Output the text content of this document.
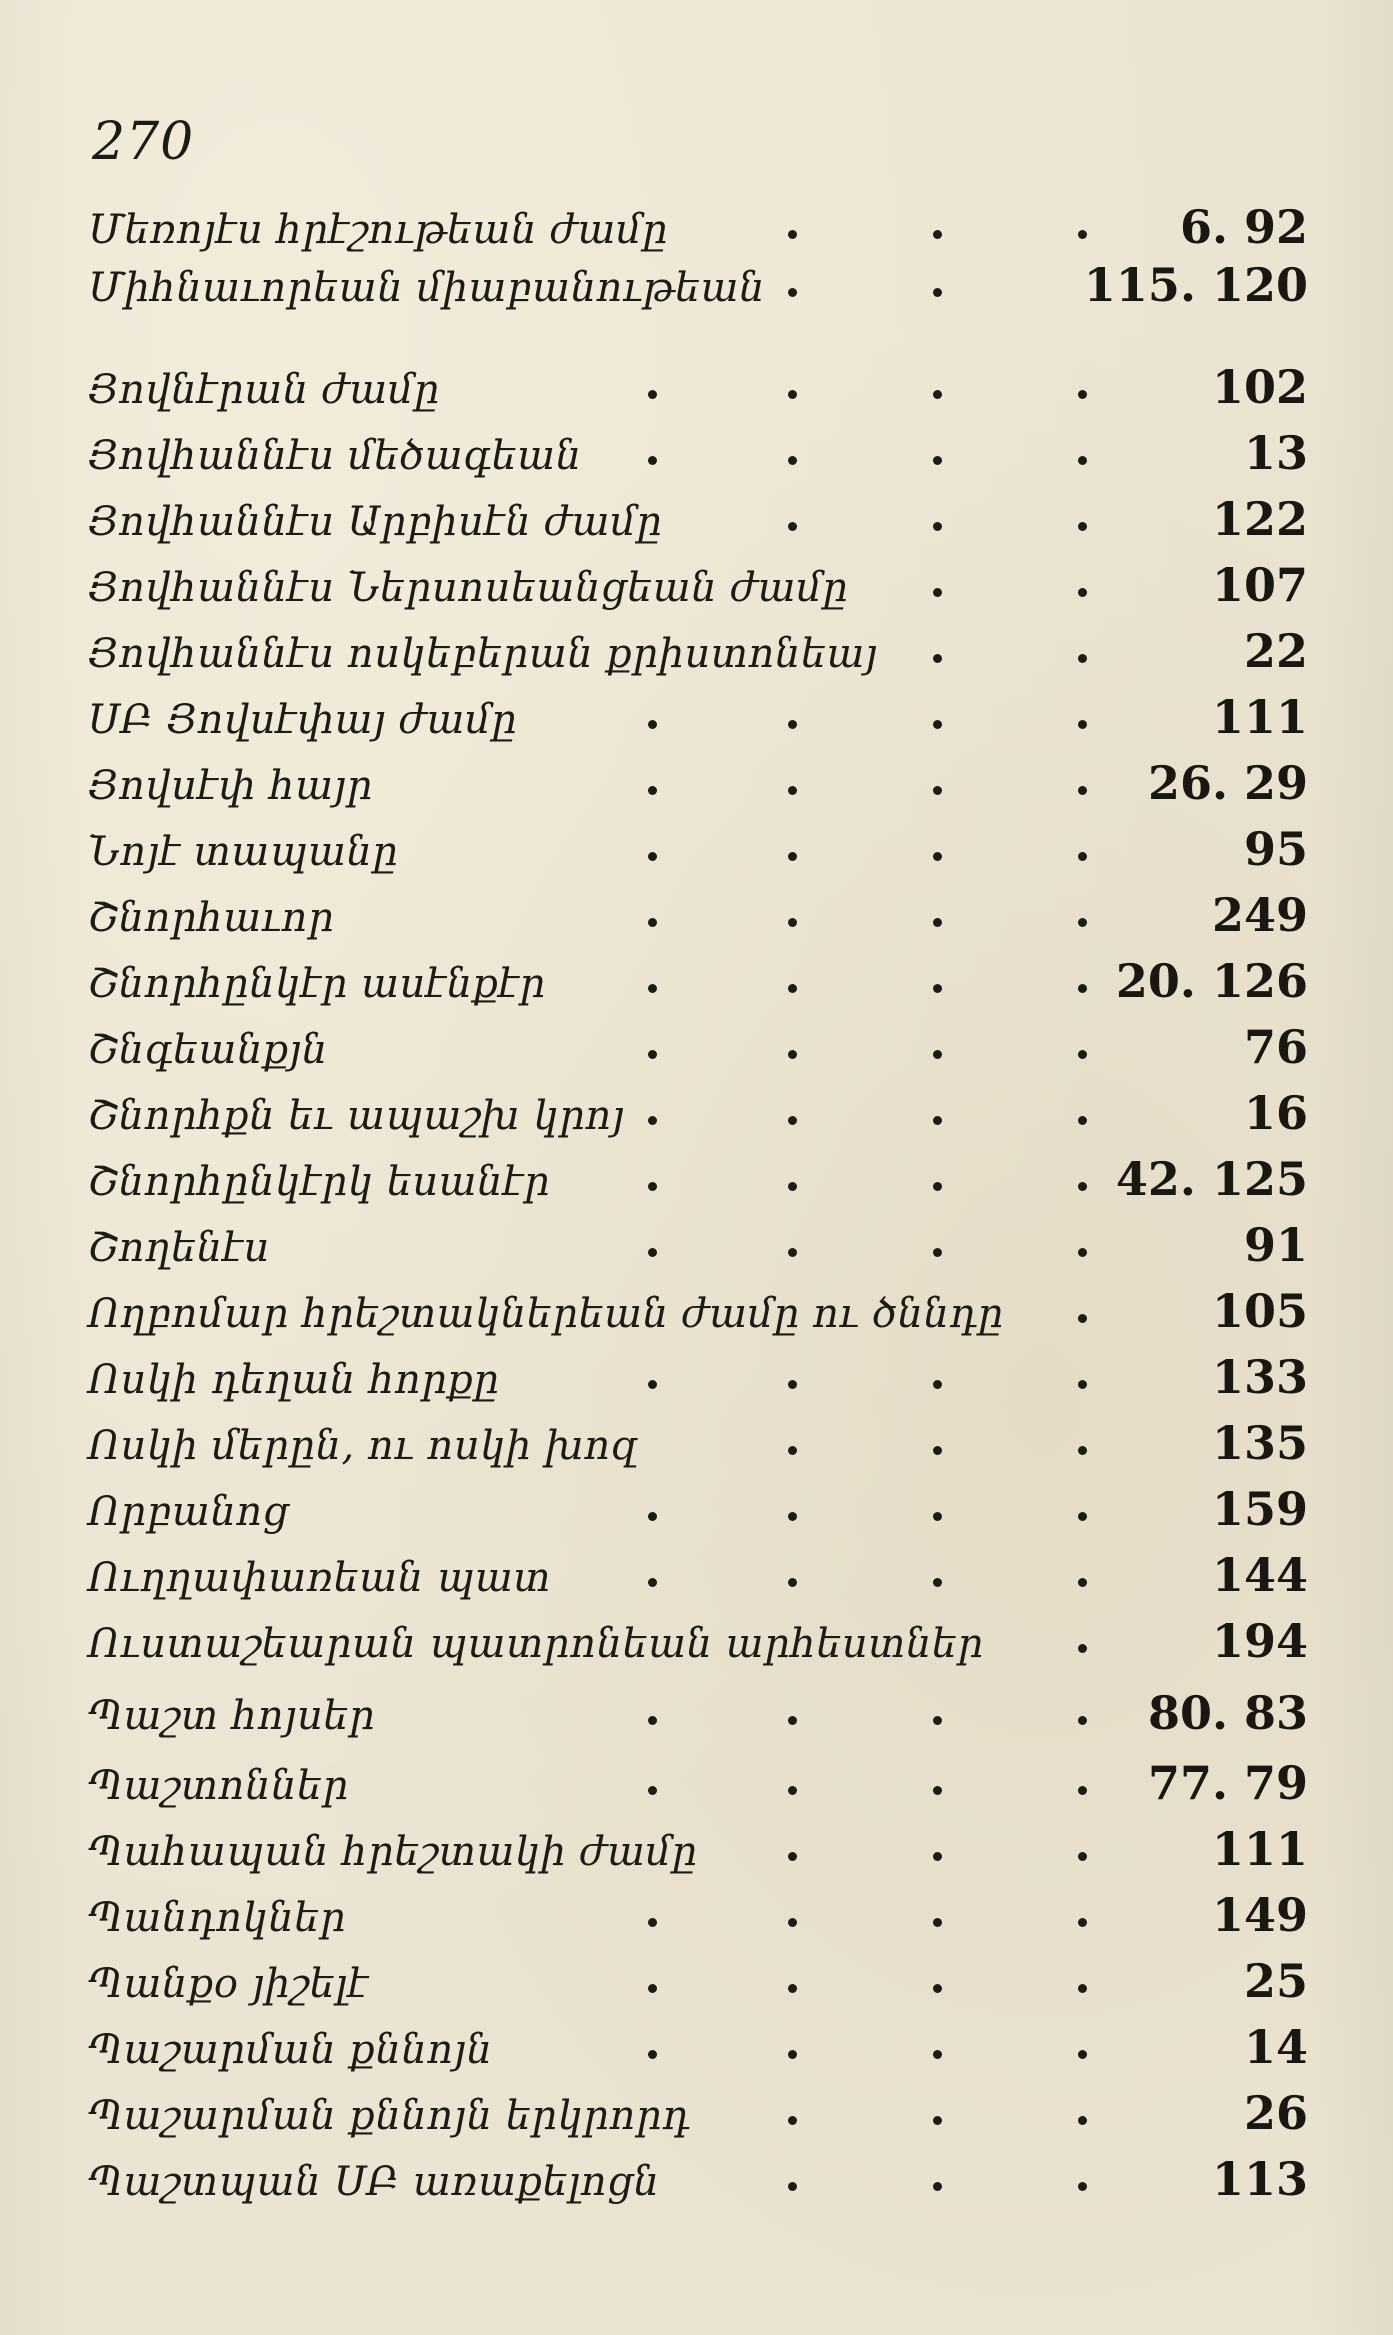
270
Մեռոյէս հրէշութեան ժամը	6. 92
Միհնաւորեան միաբանութեան	115. 120
Յովնէրան ժամը	102
Յովհաննէս մեծագեան	13
Յովհաննէս Արբիսէն ժամը	122
Յովհաննէս Ներսոսեանցեան ժամը	107
Յովհաննէս ոսկեբերան քրիստոնեայ	22
ՍԲ Յովսէփայ ժամը	111
Յովսէփ հայր	26. 29
Նոյէ տապանը	95
Շնորհաւոր	249
Շնորհընկէր ասէնքէր	20. 126
Շնգեանքյն	76
Շնորհքն եւ ապաշխ կրոյ	16
Շնորհընկէրկ եսանէր	42. 125
Շողենէս	91
Ողբոմար հրեշտակներեան ժամը ու ծննդը	105
Ոսկի դեղան հորքը	133
Ոսկի մերըն, ու ոսկի խոզ	135
Որբանոց	159
Ուղղափառեան պատ	144
Ուստաշեարան պատրոնեան արհեստներ	194
Պաշտ հոյսեր	80. 83
Պաշտոններ	77. 79
Պահապան հրեշտակի ժամը	111
Պանդոկներ	149
Պանքօ յիշելէ	25
Պաշարման քննոյն	14
Պաշարման քննոյն երկրորդ	26
Պաշտպան ՍԲ առաքելոցն	113
